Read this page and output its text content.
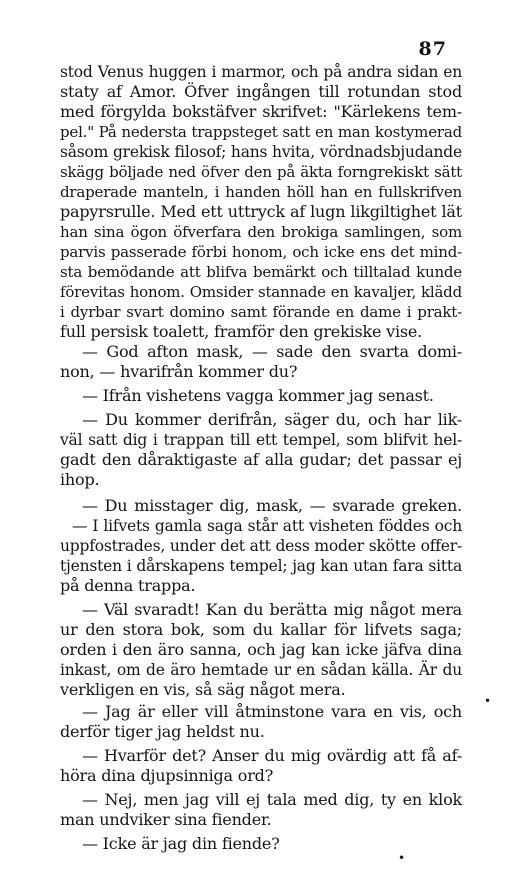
87
stod Venus huggen i marmor, och på andra sidan en
staty af Amor. Öfver ingången till rotundan stod
med förgylda bokstäfver skrifvet: "Kärlekens tem-
pel." På nedersta trappsteget satt en man kostymerad
såsom grekisk filosof; hans hvita, vördnadsbjudande
skägg böljade ned öfver den på äkta forngrekiskt sätt
draperade manteln, i handen höll han en fullskrifven
papyrsrulle. Med ett uttryck af lugn likgiltighet lät
han sina ögon öfverfara den brokiga samlingen, som
parvis passerade förbi honom, och icke ens det mind-
sta bemödande att blifva bemärkt och tilltalad kunde
förevitas honom. Omsider stannade en kavaljer, klädd
i dyrbar svart domino samt förande en dame i prakt-
full persisk toalett, framför den grekiske vise.
— God afton mask, — sade den svarta domi-
non, — hvarifrån kommer du?
— Ifrån vishetens vagga kommer jag senast.
— Du kommer derifrån, säger du, och har lik-
väl satt dig i trappan till ett tempel, som blifvit hel-
gadt den dåraktigaste af alla gudar; det passar ej
ihop.
— Du misstager dig, mask, — svarade greken.
— I lifvets gamla saga står att visheten föddes och
uppfostrades, under det att dess moder skötte offer-
tjensten i dårskapens tempel; jag kan utan fara sitta
på denna trappa.
— Väl svaradt! Kan du berätta mig något mera
ur den stora bok, som du kallar för lifvets saga;
orden i den äro sanna, och jag kan icke jäfva dina
inkast, om de äro hemtade ur en sådan källa. Är du
verkligen en vis, så säg något mera.
— Jag är eller vill åtminstone vara en vis, och
derför tiger jag heldst nu.
— Hvarför det? Anser du mig ovärdig att få af-
höra dina djupsinniga ord?
— Nej, men jag vill ej tala med dig, ty en klok
man undviker sina fiender.
— Icke är jag din fiende?
•
•
